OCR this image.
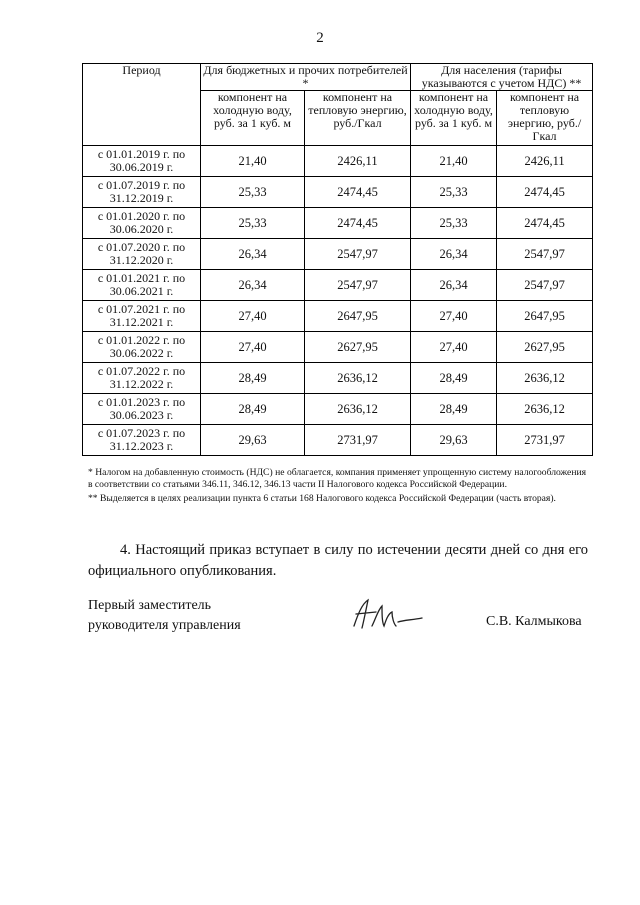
2
Период	Для бюджетных и прочих потребителей *		Для населения (тарифы указываются с учетом НДС) **	
	компонент на холодную воду, руб. за 1 куб. м	компонент на тепловую энергию, руб./Гкал	компонент на холодную воду, руб. за 1 куб. м	компонент на тепловую энергию, руб./Гкал
с 01.01.2019 г. по 30.06.2019 г.	21,40	2426,11	21,40	2426,11
с 01.07.2019 г. по 31.12.2019 г.	25,33	2474,45	25,33	2474,45
с 01.01.2020 г. по 30.06.2020 г.	25,33	2474,45	25,33	2474,45
с 01.07.2020 г. по 31.12.2020 г.	26,34	2547,97	26,34	2547,97
с 01.01.2021 г. по 30.06.2021 г.	26,34	2547,97	26,34	2547,97
с 01.07.2021 г. по 31.12.2021 г.	27,40	2647,95	27,40	2647,95
с 01.01.2022 г. по 30.06.2022 г.	27,40	2627,95	27,40	2627,95
с 01.07.2022 г. по 31.12.2022 г.	28,49	2636,12	28,49	2636,12
с 01.01.2023 г. по 30.06.2023 г.	28,49	2636,12	28,49	2636,12
с 01.07.2023 г. по 31.12.2023 г.	29,63	2731,97	29,63	2731,97

* Налогом на добавленную стоимость (НДС) не облагается, компания применяет упрощенную систему налогообложения в соответствии со статьями 346.11, 346.12, 346.13 части II Налогового кодекса Российской Федерации.

** Выделяется в целях реализации пункта 6 статьи 168 Налогового кодекса Российской Федерации (часть вторая).

4. Настоящий приказ вступает в силу по истечении десяти дней со дня его официального опубликования.
Первый заместитель
руководителя управления	С.В. Калмыкова
